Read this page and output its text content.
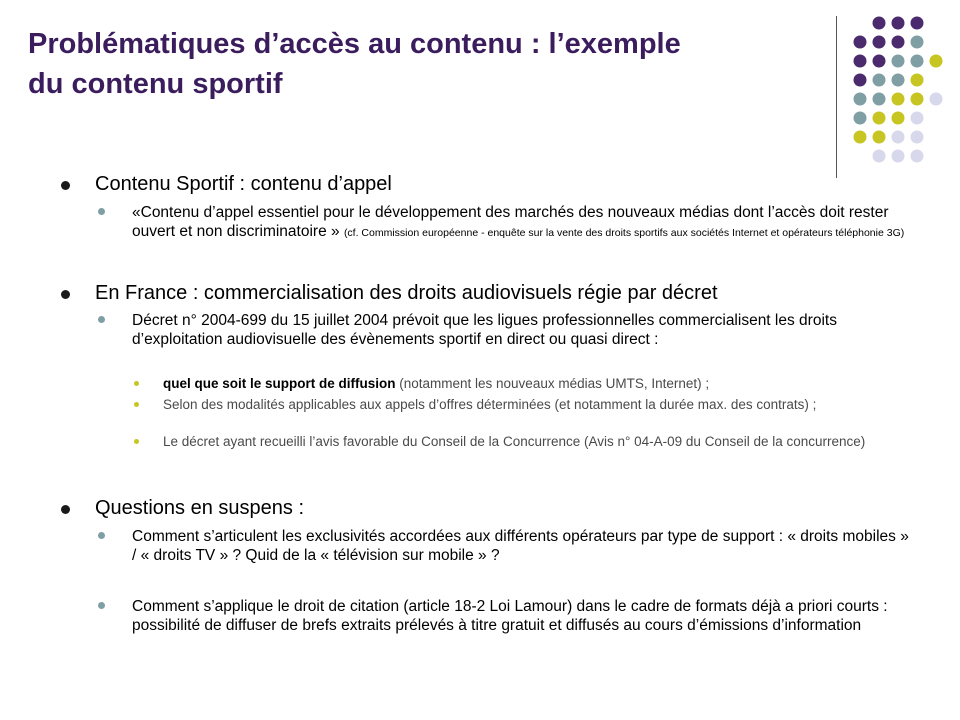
Problématiques d’accès au contenu : l’exemple
du contenu sportif

Contenu Sportif : contenu d’appel

«Contenu d’appel essentiel pour le développement des marchés des nouveaux médias dont l’accès doit rester ouvert et non discriminatoire » (cf. Commission européenne - enquête sur la vente des droits sportifs aux sociétés Internet et opérateurs téléphonie 3G)

En France : commercialisation des droits audiovisuels régie par décret

Décret n° 2004-699 du 15 juillet 2004 prévoit que les ligues professionnelles commercialisent les droits d’exploitation audiovisuelle des évènements sportif en direct ou quasi direct :

quel que soit le support de diffusion (notamment les nouveaux médias UMTS, Internet) ;

Selon des modalités applicables aux appels d’offres déterminées (et notamment la durée max. des contrats) ;

Le décret ayant recueilli l’avis favorable du Conseil de la Concurrence (Avis n° 04-A-09 du Conseil de la concurrence)

Questions en suspens :

Comment s’articulent les exclusivités accordées aux différents opérateurs par type de support : « droits mobiles » / « droits TV » ? Quid de la « télévision sur mobile » ?

Comment s’applique le droit de citation (article 18-2 Loi Lamour) dans le cadre de formats déjà a priori courts : possibilité de diffuser de brefs extraits prélevés à titre gratuit et diffusés au cours d’émissions d’information
